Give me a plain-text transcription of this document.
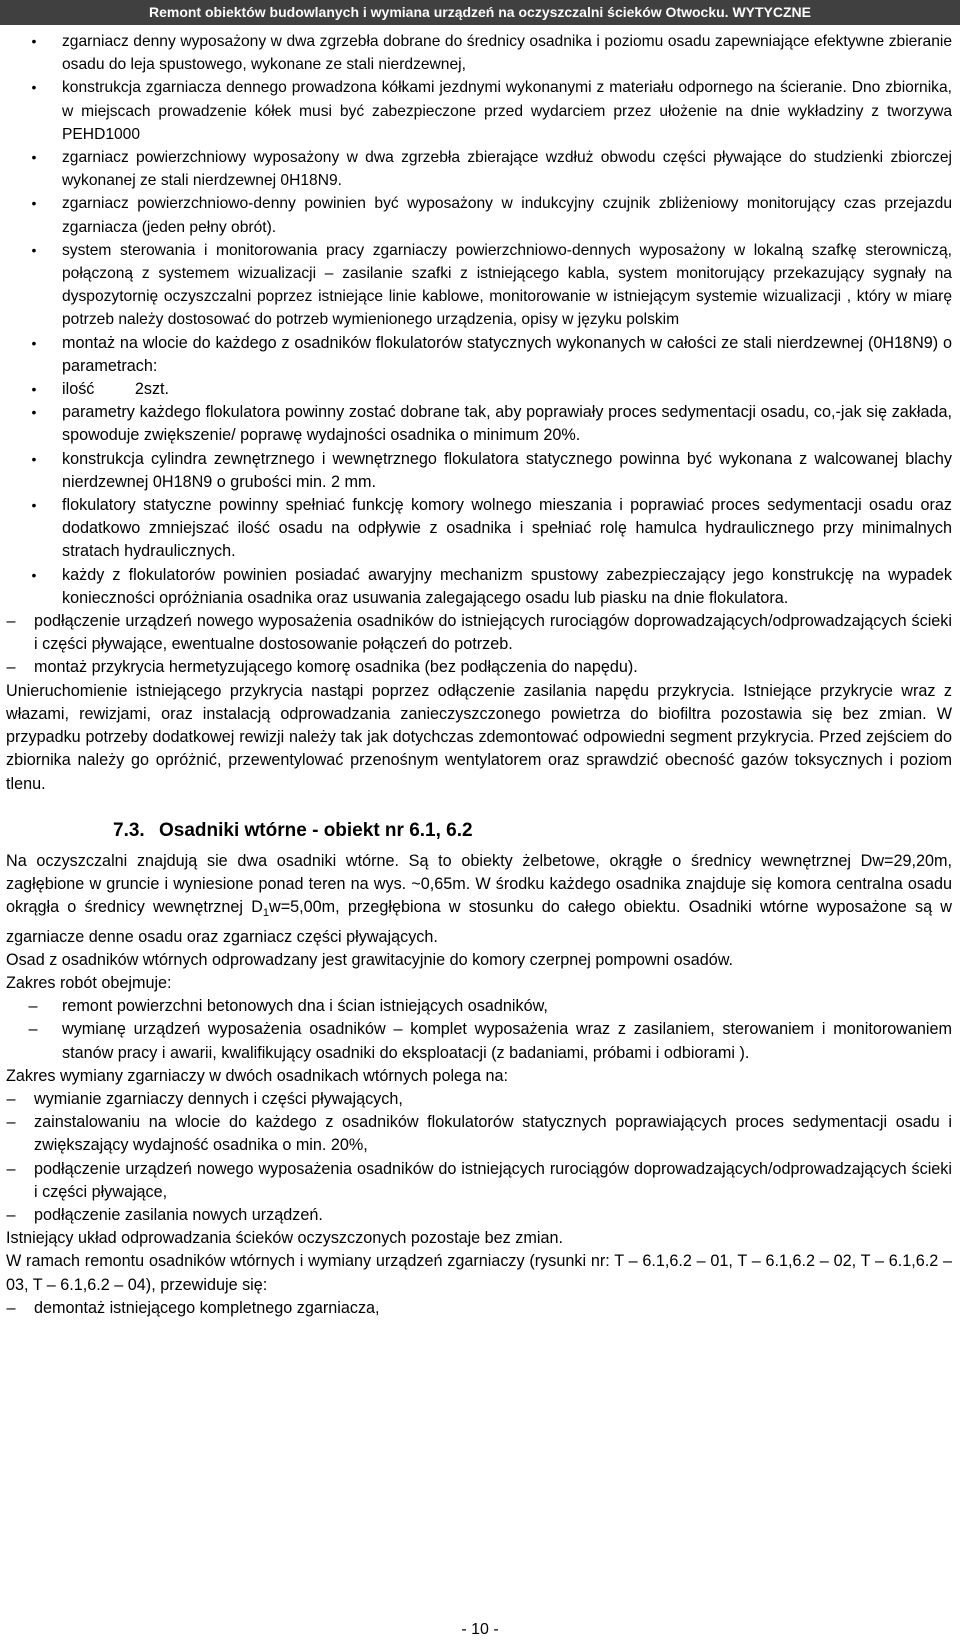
Remont obiektów budowlanych i wymiana urządzeń na oczyszczalni ścieków Otwocku. WYTYCZNE
•	zgarniacz denny wyposażony w dwa zgrzebła dobrane do średnicy osadnika i poziomu osadu zapewniające efektywne zbieranie osadu do leja spustowego, wykonane ze stali nierdzewnej,
•	konstrukcja zgarniacza dennego prowadzona kółkami jezdnymi wykonanymi z materiału odpornego na ścieranie. Dno zbiornika, w miejscach prowadzenie kółek musi być zabezpieczone przed wydarciem przez ułożenie na dnie wykładziny z tworzywa PEHD1000
•	zgarniacz powierzchniowy wyposażony w dwa zgrzebła zbierające wzdłuż obwodu części pływające do studzienki zbiorczej wykonanej ze stali nierdzewnej 0H18N9.
•	zgarniacz powierzchniowo-denny powinien być wyposażony w indukcyjny czujnik zbliżeniowy monitorujący czas przejazdu zgarniacza (jeden pełny obrót).
•	system sterowania i monitorowania pracy zgarniaczy powierzchniowo-dennych wyposażony w lokalną szafkę sterowniczą, połączoną z systemem wizualizacji – zasilanie szafki z istniejącego kabla, system monitorujący przekazujący sygnały na dyspozytornię oczyszczalni poprzez istniejące linie kablowe, monitorowanie w istniejącym systemie wizualizacji , który w miarę potrzeb należy dostosować do potrzeb wymienionego urządzenia, opisy w języku polskim
•	montaż na wlocie do każdego z osadników flokulatorów statycznych wykonanych w całości ze stali nierdzewnej (0H18N9) o parametrach:
•	ilość         2szt.
•	parametry każdego flokulatora powinny zostać dobrane tak, aby poprawiały proces sedymentacji osadu, co,-jak się zakłada, spowoduje zwiększenie/ poprawę wydajności osadnika o minimum 20%.
•	konstrukcja cylindra zewnętrznego i wewnętrznego flokulatora statycznego powinna być wykonana z walcowanej blachy nierdzewnej 0H18N9 o grubości min. 2 mm.
•	flokulatory statyczne powinny spełniać funkcję komory wolnego mieszania i poprawiać proces sedymentacji osadu oraz dodatkowo zmniejszać ilość osadu na odpływie z osadnika i spełniać rolę hamulca hydraulicznego przy minimalnych stratach hydraulicznych.
•	każdy z flokulatorów powinien posiadać awaryjny mechanizm spustowy zabezpieczający jego konstrukcję na wypadek konieczności opróżniania osadnika oraz usuwania zalegającego osadu lub piasku na dnie flokulatora.
–	podłączenie urządzeń nowego wyposażenia osadników do istniejących rurociągów doprowadzających/odprowadzających ścieki i części pływające, ewentualne dostosowanie połączeń do potrzeb.
–	montaż przykrycia hermetyzującego komorę osadnika (bez podłączenia do napędu).

Unieruchomienie istniejącego przykrycia nastąpi poprzez odłączenie zasilania napędu przykrycia. Istniejące przykrycie wraz z włazami, rewizjami, oraz instalacją odprowadzania zanieczyszczonego powietrza do biofiltra pozostawia się bez zmian. W przypadku potrzeby dodatkowej rewizji należy tak jak dotychczas zdemontować odpowiedni segment przykrycia. Przed zejściem do zbiornika należy go opróżnić, przewentylować przenośnym wentylatorem oraz sprawdzić obecność gazów toksycznych i poziom tlenu.

7.3. Osadniki wtórne - obiekt nr 6.1, 6.2

Na oczyszczalni znajdują sie dwa osadniki wtórne. Są to obiekty żelbetowe, okrągłe o średnicy wewnętrznej Dw=29,20m, zagłębione w gruncie i wyniesione ponad teren na wys. ~0,65m. W środku każdego osadnika znajduje się komora centralna osadu okrągła o średnicy wewnętrznej $D_1w=5,00m$, przegłębiona w stosunku do całego obiektu. Osadniki wtórne wyposażone są w zgarniacze denne osadu oraz zgarniacz części pływających.

Osad z osadników wtórnych odprowadzany jest grawitacyjnie do komory czerpnej pompowni osadów.

Zakres robót obejmuje:

–	remont powierzchni betonowych dna i ścian istniejących osadników,
–	wymianę urządzeń wyposażenia osadników – komplet wyposażenia wraz z zasilaniem, sterowaniem i monitorowaniem stanów pracy i awarii, kwalifikujący osadniki do eksploatacji (z badaniami, próbami i odbiorami ).

Zakres wymiany zgarniaczy w dwóch osadnikach wtórnych polega na:

–	wymianie zgarniaczy dennych i części pływających,
–	zainstalowaniu na wlocie do każdego z osadników flokulatorów statycznych poprawiających proces sedymentacji osadu i zwiększający wydajność osadnika o min. 20%,
–	podłączenie urządzeń nowego wyposażenia osadników do istniejących rurociągów doprowadzających/odprowadzających ścieki i części pływające,
–	podłączenie zasilania nowych urządzeń.

Istniejący układ odprowadzania ścieków oczyszczonych pozostaje bez zmian.

W ramach remontu osadników wtórnych i wymiany urządzeń zgarniaczy (rysunki nr: T – 6.1,6.2 – 01, T – 6.1,6.2 – 02, T – 6.1,6.2 – 03, T – 6.1,6.2 – 04), przewiduje się:

–	demontaż istniejącego kompletnego zgarniacza,
- 10 -
